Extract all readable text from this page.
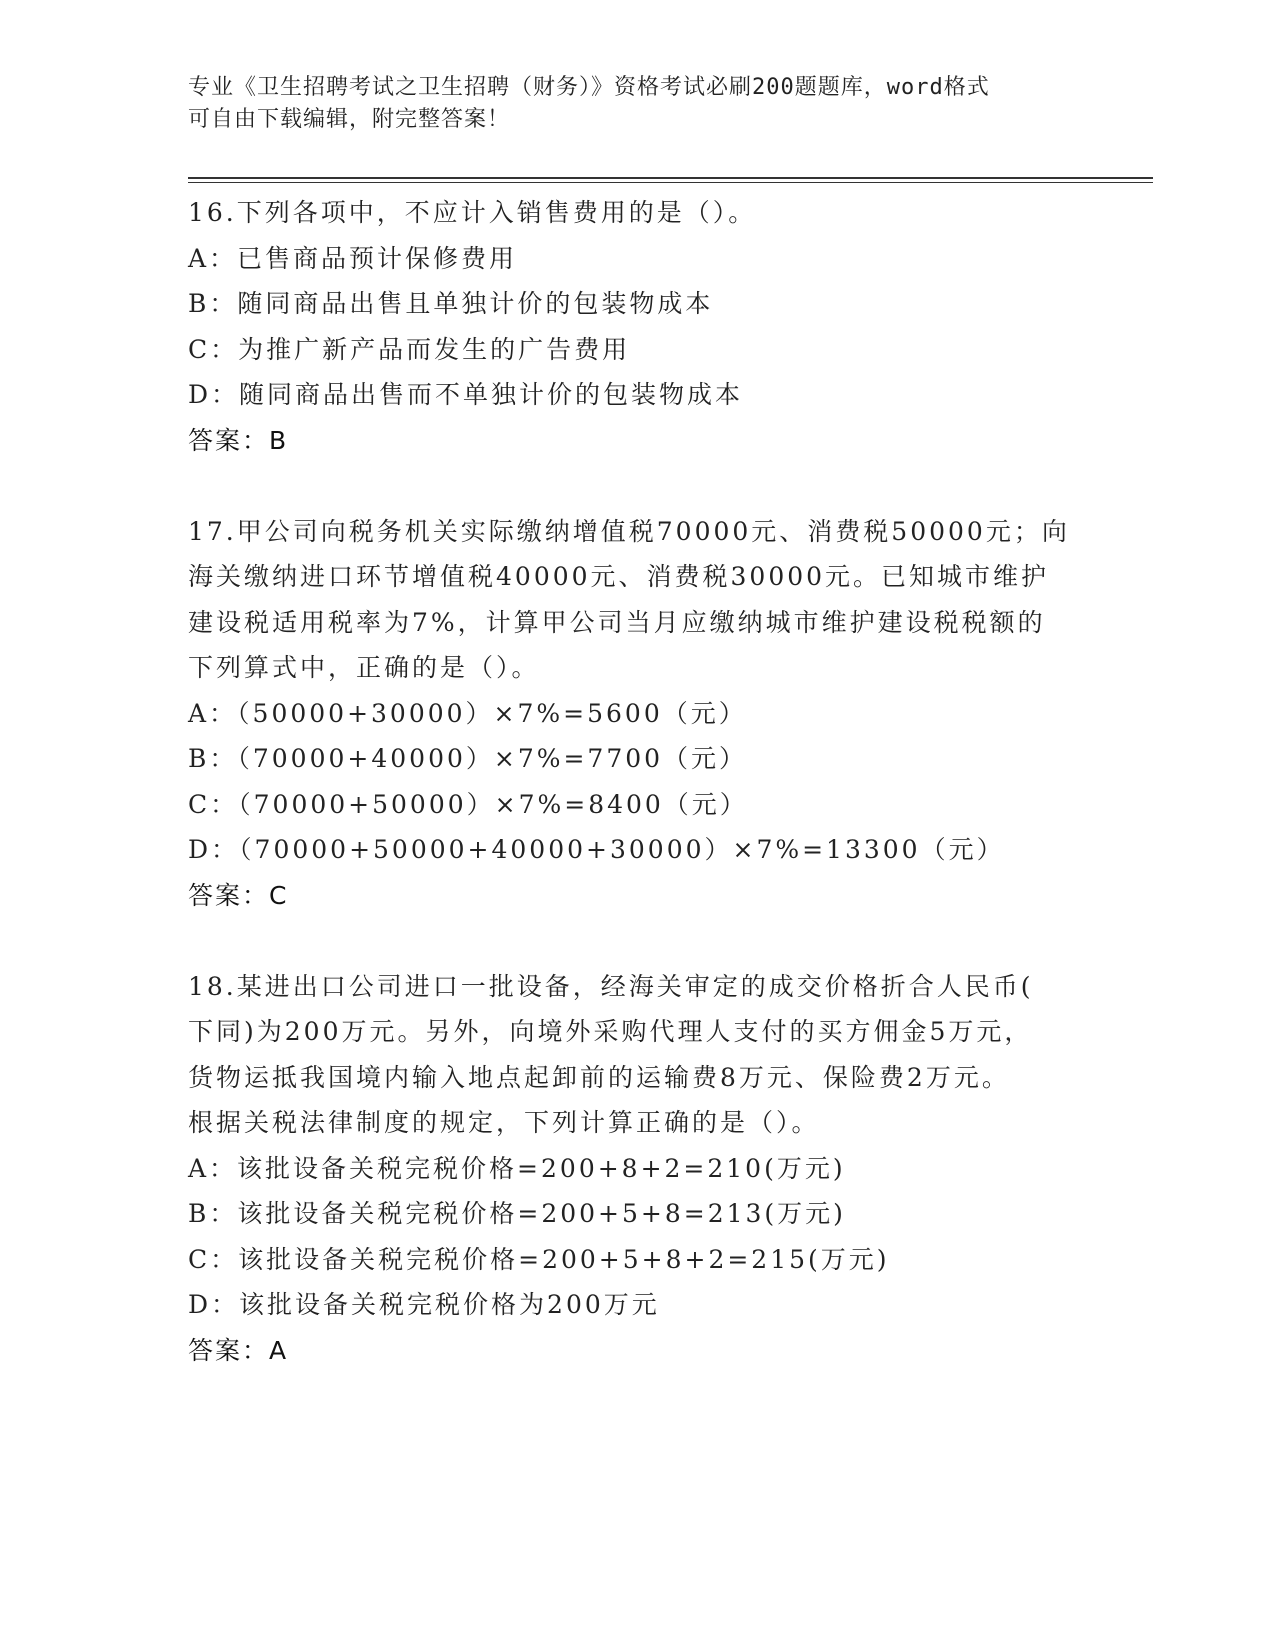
专业《卫生招聘考试之卫生招聘（财务）》资格考试必刷200题题库，word格式
可自由下载编辑，附完整答案！
16.下列各项中，不应计入销售费用的是（）。
A：已售商品预计保修费用
B：随同商品出售且单独计价的包装物成本
C：为推广新产品而发生的广告费用
D：随同商品出售而不单独计价的包装物成本
答案：B
17.甲公司向税务机关实际缴纳增值税70000元、消费税50000元；向
海关缴纳进口环节增值税40000元、消费税30000元。已知城市维护
建设税适用税率为7%，计算甲公司当月应缴纳城市维护建设税税额的
下列算式中，正确的是（）。
A：（50000+30000）×7%=5600（元）
B：（70000+40000）×7%=7700（元）
C：（70000+50000）×7%=8400（元）
D：（70000+50000+40000+30000）×7%=13300（元）
答案：C
18.某进出口公司进口一批设备，经海关审定的成交价格折合人民币(
下同)为200万元。另外，向境外采购代理人支付的买方佣金5万元，
货物运抵我国境内输入地点起卸前的运输费8万元、保险费2万元。
根据关税法律制度的规定，下列计算正确的是（）。
A：该批设备关税完税价格=200+8+2=210(万元)
B：该批设备关税完税价格=200+5+8=213(万元)
C：该批设备关税完税价格=200+5+8+2=215(万元)
D：该批设备关税完税价格为200万元
答案：A
